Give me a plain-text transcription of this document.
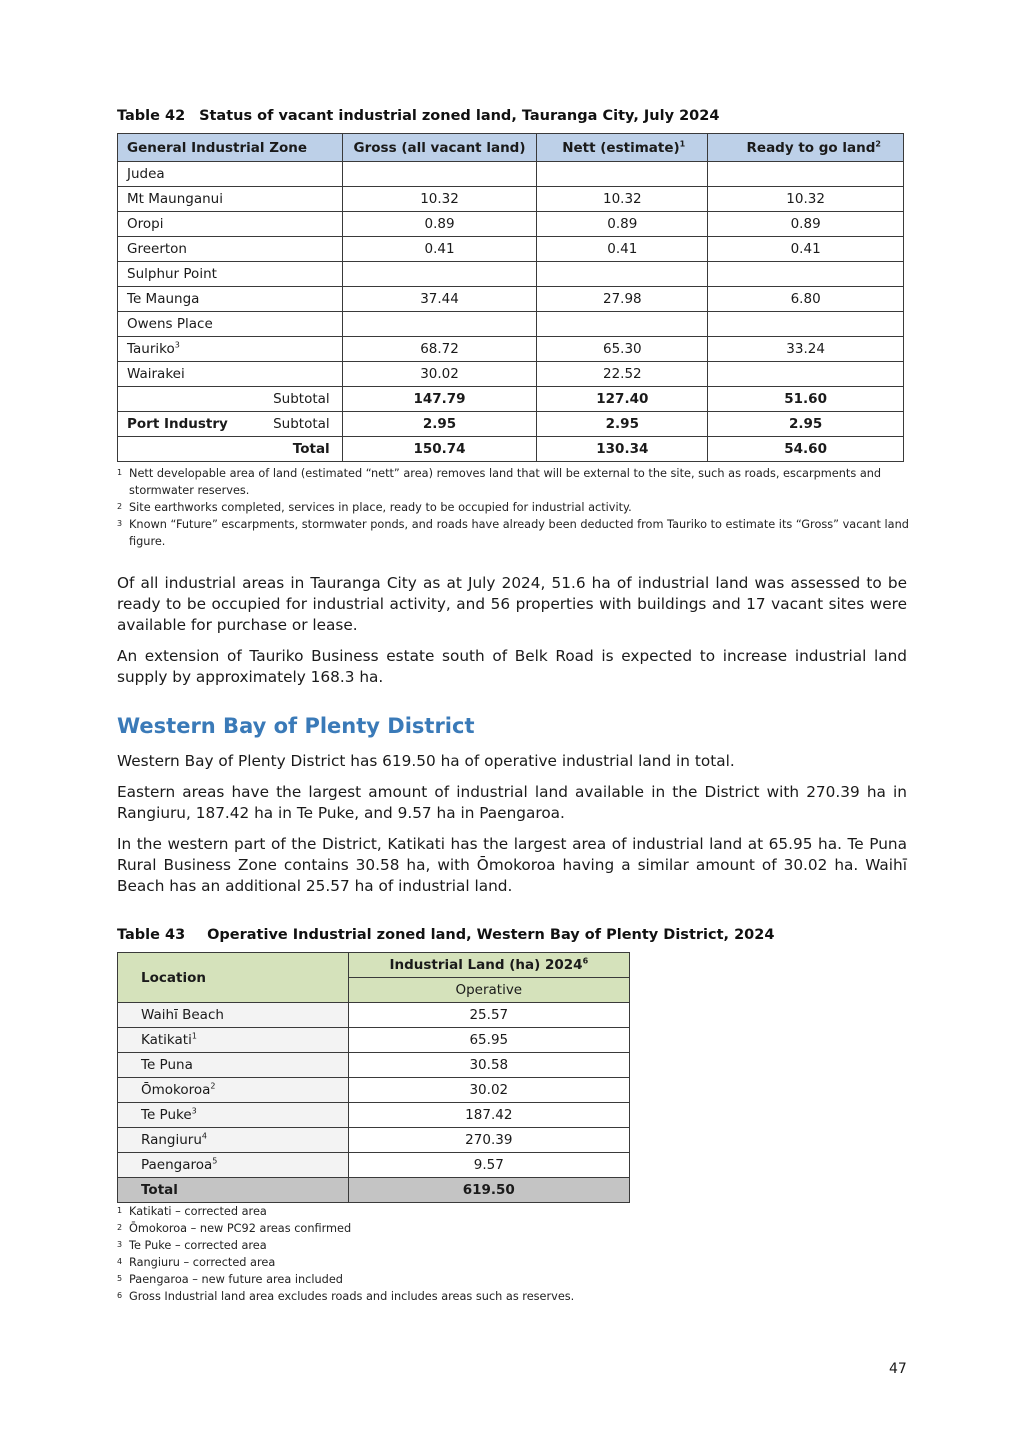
Table 42 Status of vacant industrial zoned land, Tauranga City, July 2024
General Industrial Zone	Gross (all vacant land)	Nett (estimate)$^1$	Ready to go land$^2$
Judea			
Mt Maunganui	10.32	10.32	10.32
Oropi	0.89	0.89	0.89
Greerton	0.41	0.41	0.41
Sulphur Point			
Te Maunga	37.44	27.98	6.80
Owens Place			
Tauriko$^3$	68.72	65.30	33.24
Wairakei	30.02	22.52	
Subtotal	147.79	127.40	51.60
Port Industry Subtotal	2.95	2.95	2.95
Total	150.74	130.34	54.60
1 Nett developable area of land (estimated “nett” area) removes land that will be external to the site, such as roads, escarpments and stormwater reserves.
2 Site earthworks completed, services in place, ready to be occupied for industrial activity.
3 Known “Future” escarpments, stormwater ponds, and roads have already been deducted from Tauriko to estimate its “Gross” vacant land figure.
Of all industrial areas in Tauranga City as at July 2024, 51.6 ha of industrial land was assessed to be ready to be occupied for industrial activity, and 56 properties with buildings and 17 vacant sites were available for purchase or lease.
An extension of Tauriko Business estate south of Belk Road is expected to increase industrial land supply by approximately 168.3 ha.
Western Bay of Plenty District
Western Bay of Plenty District has 619.50 ha of operative industrial land in total.
Eastern areas have the largest amount of industrial land available in the District with 270.39 ha in Rangiuru, 187.42 ha in Te Puke, and 9.57 ha in Paengaroa.
In the western part of the District, Katikati has the largest area of industrial land at 65.95 ha. Te Puna Rural Business Zone contains 30.58 ha, with Ōmokoroa having a similar amount of 30.02 ha. Waihī Beach has an additional 25.57 ha of industrial land.
Table 43 Operative Industrial zoned land, Western Bay of Plenty District, 2024
Location	Industrial Land (ha) 2024$^6$
	Operative
Waihī Beach	25.57
Katikati$^1$	65.95
Te Puna	30.58
Ōmokoroa$^2$	30.02
Te Puke$^3$	187.42
Rangiuru$^4$	270.39
Paengaroa$^5$	9.57
Total	619.50
1 Katikati – corrected area
2 Ōmokoroa – new PC92 areas confirmed
3 Te Puke – corrected area
4 Rangiuru – corrected area
5 Paengaroa – new future area included
6 Gross Industrial land area excludes roads and includes areas such as reserves.
47
